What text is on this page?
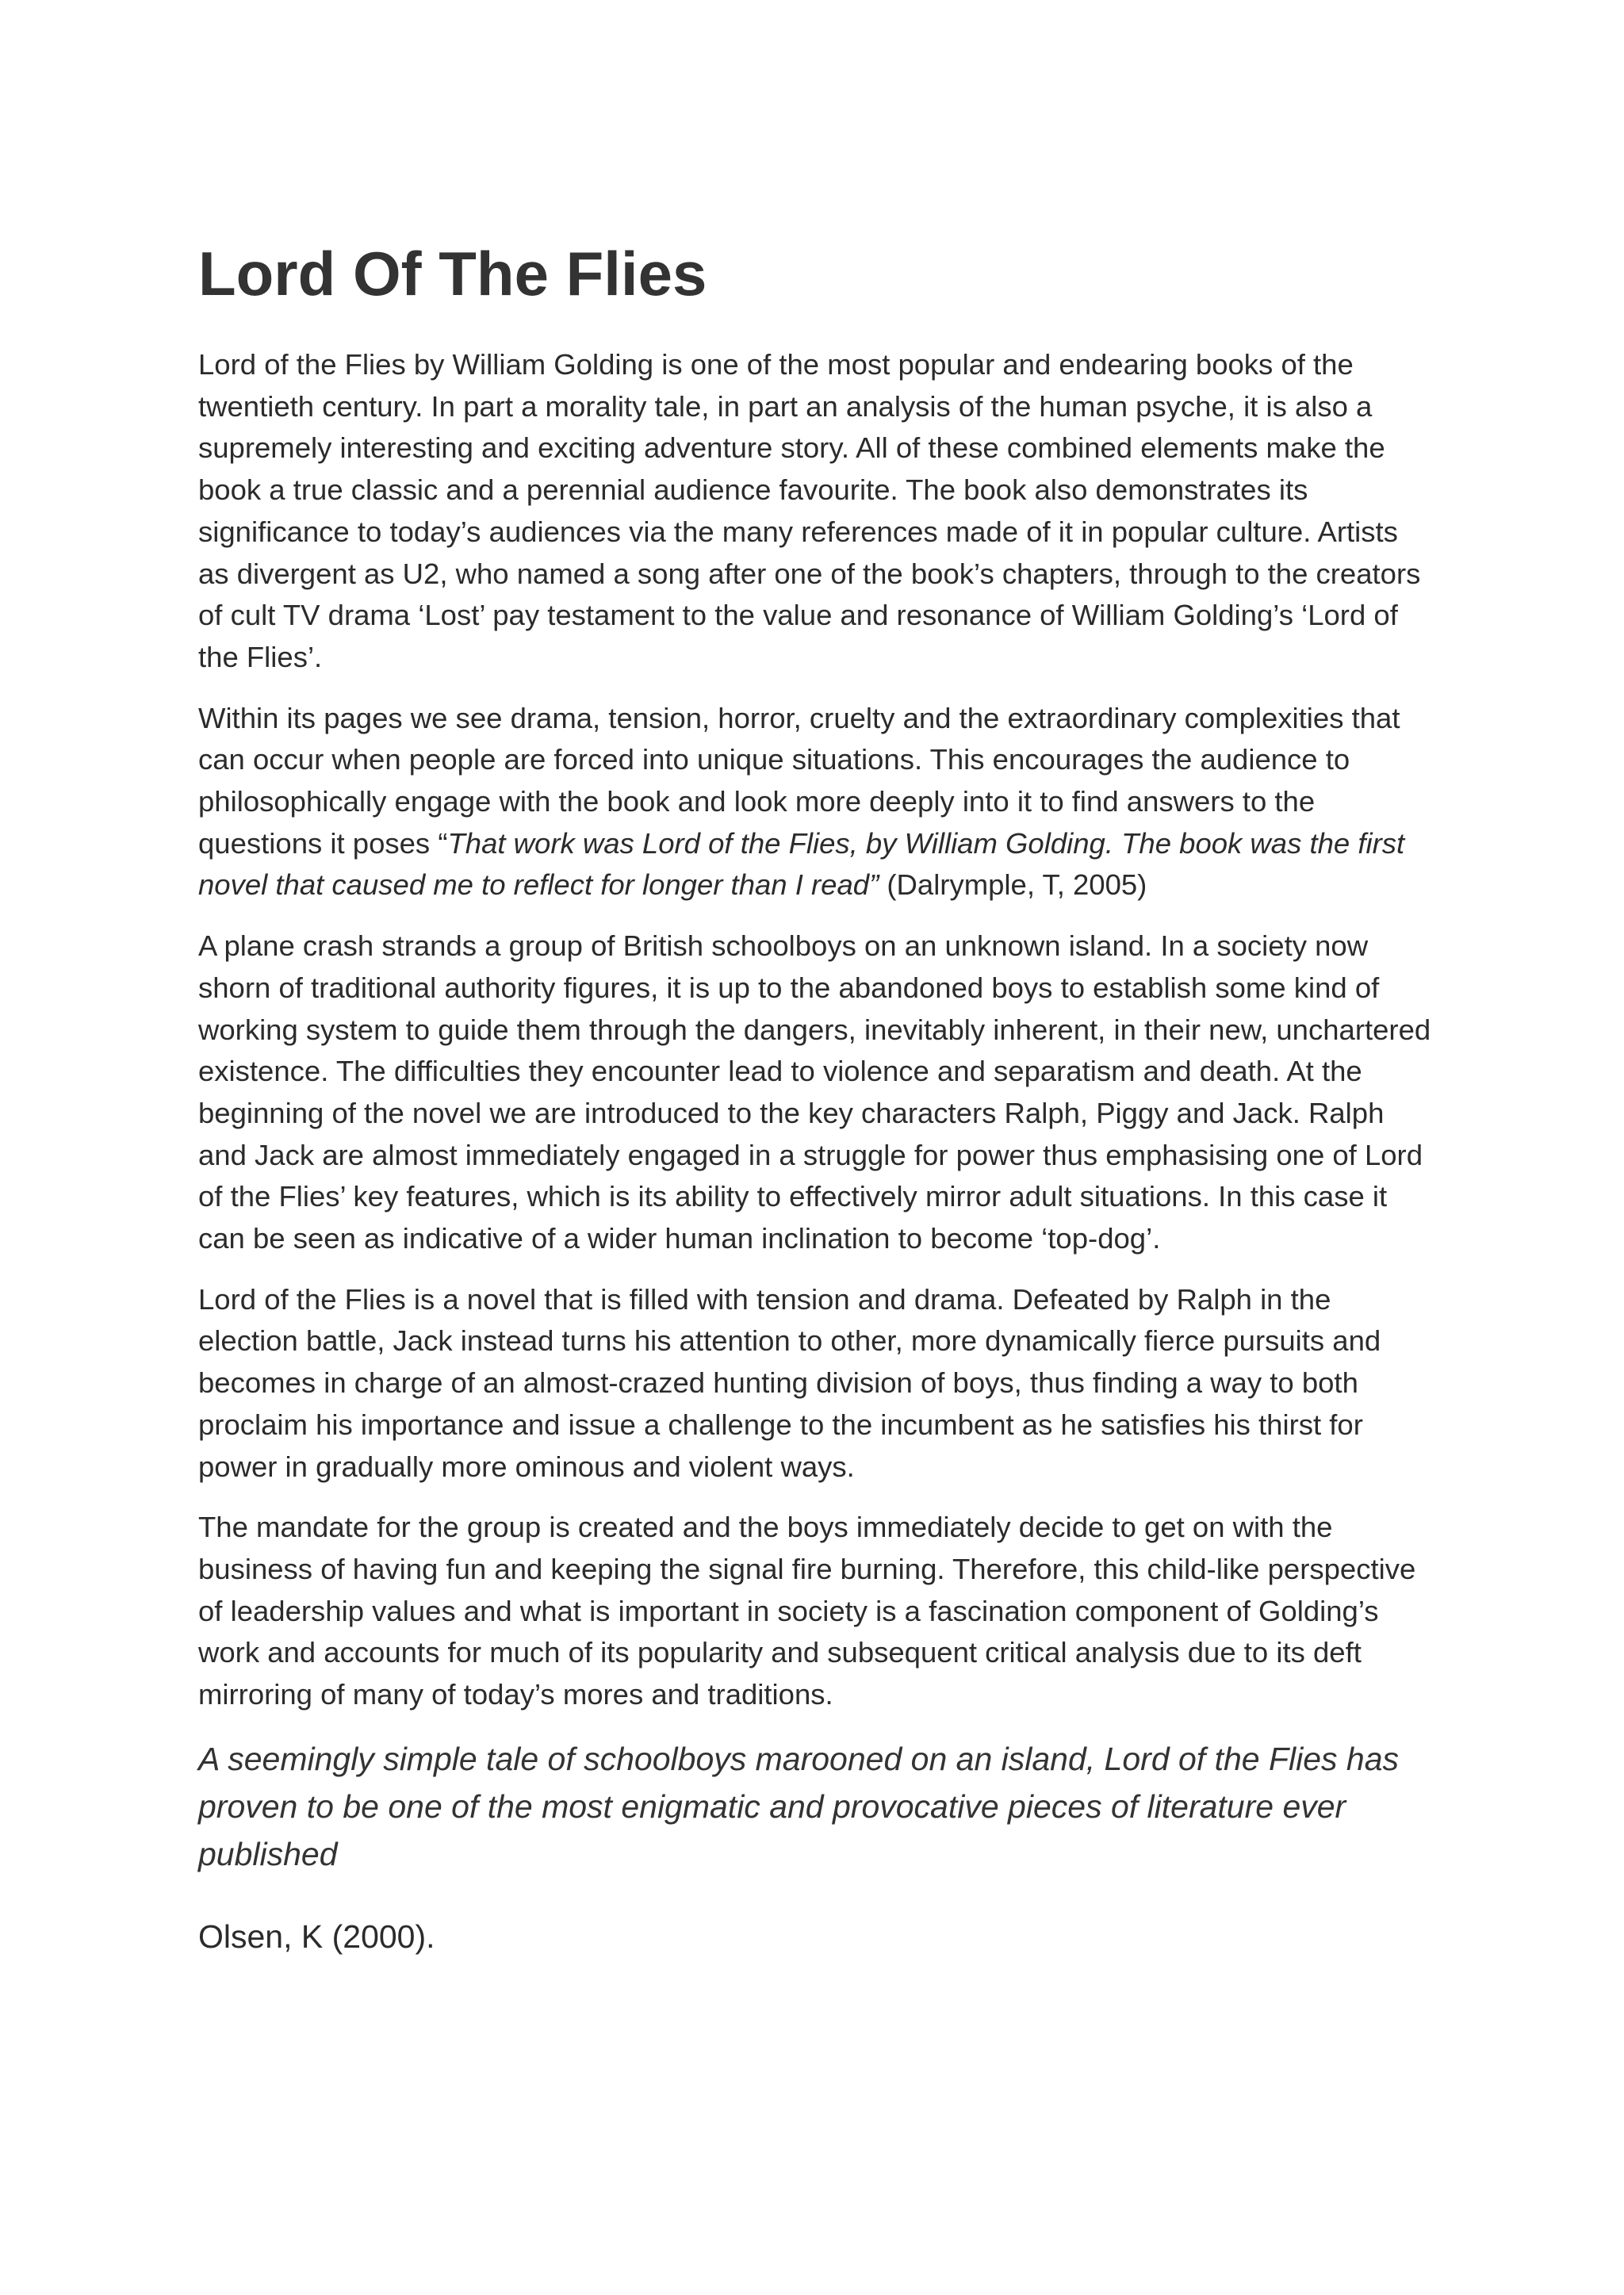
Lord Of The Flies

Lord of the Flies by William Golding is one of the most popular and endearing books of the twentieth century. In part a morality tale, in part an analysis of the human psyche, it is also a supremely interesting and exciting adventure story. All of these combined elements make the book a true classic and a perennial audience favourite. The book also demonstrates its significance to today’s audiences via the many references made of it in popular culture. Artists as divergent as U2, who named a song after one of the book’s chapters, through to the creators of cult TV drama ‘Lost’ pay testament to the value and resonance of William Golding’s ‘Lord of the Flies’.

Within its pages we see drama, tension, horror, cruelty and the extraordinary complexities that can occur when people are forced into unique situations. This encourages the audience to philosophically engage with the book and look more deeply into it to find answers to the questions it poses “That work was Lord of the Flies, by William Golding. The book was the first novel that caused me to reflect for longer than I read” (Dalrymple, T, 2005)

A plane crash strands a group of British schoolboys on an unknown island. In a society now shorn of traditional authority figures, it is up to the abandoned boys to establish some kind of working system to guide them through the dangers, inevitably inherent, in their new, unchartered existence. The difficulties they encounter lead to violence and separatism and death. At the beginning of the novel we are introduced to the key characters Ralph, Piggy and Jack. Ralph and Jack are almost immediately engaged in a struggle for power thus emphasising one of Lord of the Flies’ key features, which is its ability to effectively mirror adult situations. In this case it can be seen as indicative of a wider human inclination to become ‘top-dog’.

Lord of the Flies is a novel that is filled with tension and drama. Defeated by Ralph in the election battle, Jack instead turns his attention to other, more dynamically fierce pursuits and becomes in charge of an almost-crazed hunting division of boys, thus finding a way to both proclaim his importance and issue a challenge to the incumbent as he satisfies his thirst for power in gradually more ominous and violent ways.

The mandate for the group is created and the boys immediately decide to get on with the business of having fun and keeping the signal fire burning. Therefore, this child-like perspective of leadership values and what is important in society is a fascination component of Golding’s work and accounts for much of its popularity and subsequent critical analysis due to its deft mirroring of many of today’s mores and traditions.

A seemingly simple tale of schoolboys marooned on an island, Lord of the Flies has proven to be one of the most enigmatic and provocative pieces of literature ever published

Olsen, K (2000).
